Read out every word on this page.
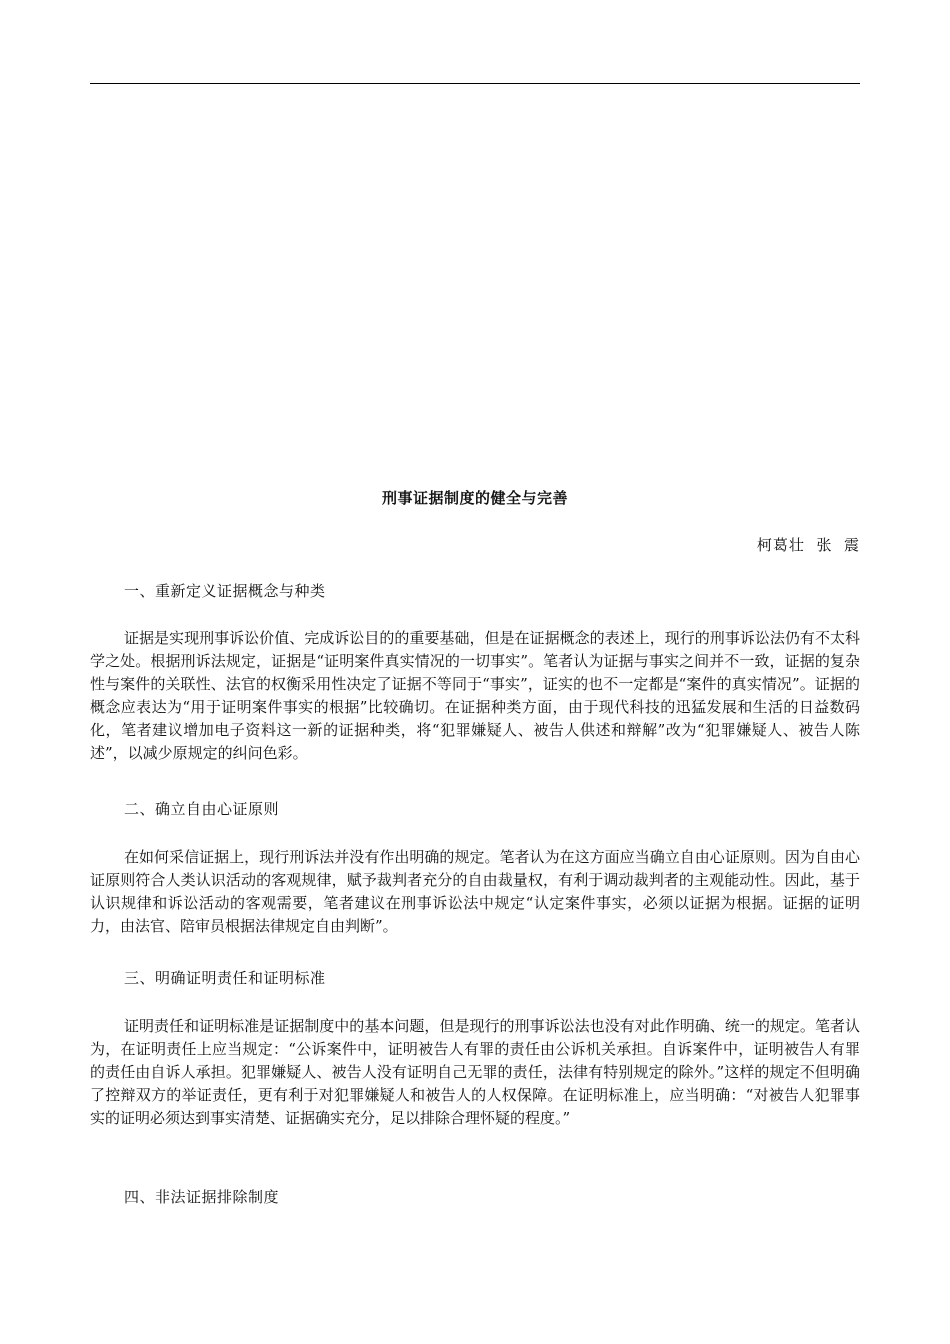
刑事证据制度的健全与完善
柯葛壮  张  震
一、重新定义证据概念与种类

证据是实现刑事诉讼价值、完成诉讼目的的重要基础，但是在证据概念的表述上，现行的刑事诉讼法仍有不太科学之处。根据刑诉法规定，证据是“证明案件真实情况的一切事实”。笔者认为证据与事实之间并不一致，证据的复杂性与案件的关联性、法官的权衡采用性决定了证据不等同于“事实”，证实的也不一定都是“案件的真实情况”。证据的概念应表达为“用于证明案件事实的根据”比较确切。在证据种类方面，由于现代科技的迅猛发展和生活的日益数码化，笔者建议增加电子资料这一新的证据种类，将“犯罪嫌疑人、被告人供述和辩解”改为“犯罪嫌疑人、被告人陈述”，以减少原规定的纠问色彩。

二、确立自由心证原则

在如何采信证据上，现行刑诉法并没有作出明确的规定。笔者认为在这方面应当确立自由心证原则。因为自由心证原则符合人类认识活动的客观规律，赋予裁判者充分的自由裁量权，有利于调动裁判者的主观能动性。因此，基于认识规律和诉讼活动的客观需要，笔者建议在刑事诉讼法中规定“认定案件事实，必须以证据为根据。证据的证明力，由法官、陪审员根据法律规定自由判断”。

三、明确证明责任和证明标准

证明责任和证明标准是证据制度中的基本问题，但是现行的刑事诉讼法也没有对此作明确、统一的规定。笔者认为，在证明责任上应当规定：“公诉案件中，证明被告人有罪的责任由公诉机关承担。自诉案件中，证明被告人有罪的责任由自诉人承担。犯罪嫌疑人、被告人没有证明自己无罪的责任，法律有特别规定的除外。”这样的规定不但明确了控辩双方的举证责任，更有利于对犯罪嫌疑人和被告人的人权保障。在证明标准上，应当明确：“对被告人犯罪事实的证明必须达到事实清楚、证据确实充分，足以排除合理怀疑的程度。”

四、非法证据排除制度
